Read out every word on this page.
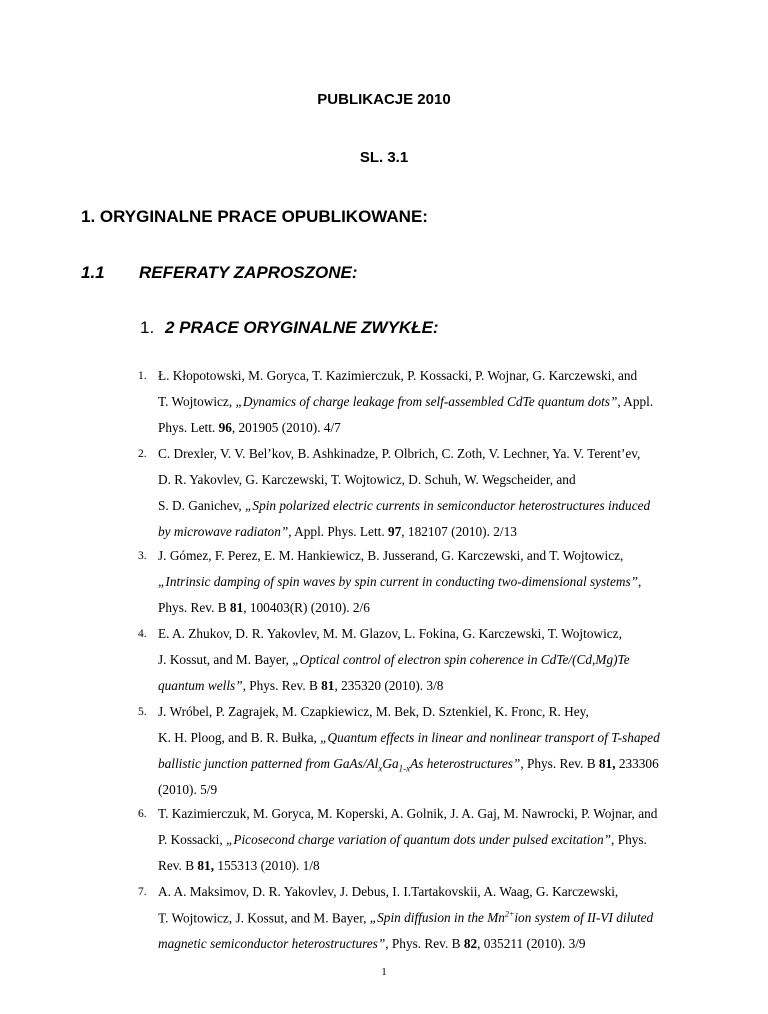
PUBLIKACJE 2010
SL. 3.1
1. ORYGINALNE PRACE OPUBLIKOWANE:
1.1 REFERATY ZAPROSZONE:
1. 2 PRACE ORYGINALNE ZWYKŁE:
1. Ł. Kłopotowski, M. Goryca, T. Kazimierczuk, P. Kossacki, P. Wojnar, G. Karczewski, and
T. Wojtowicz, „Dynamics of charge leakage from self-assembled CdTe quantum dots”, Appl.
Phys. Lett. 96, 201905 (2010). 4/7
2. C. Drexler, V. V. Bel’kov, B. Ashkinadze, P. Olbrich, C. Zoth, V. Lechner, Ya. V. Terent’ev,
D. R. Yakovlev, G. Karczewski, T. Wojtowicz, D. Schuh, W. Wegscheider, and
S. D. Ganichev, „Spin polarized electric currents in semiconductor heterostructures induced
by microwave radiaton”, Appl. Phys. Lett. 97, 182107 (2010). 2/13
3. J. Gómez, F. Perez, E. M. Hankiewicz, B. Jusserand, G. Karczewski, and T. Wojtowicz,
„Intrinsic damping of spin waves by spin current in conducting two-dimensional systems”,
Phys. Rev. B 81, 100403(R) (2010). 2/6
4. E. A. Zhukov, D. R. Yakovlev, M. M. Glazov, L. Fokina, G. Karczewski, T. Wojtowicz,
J. Kossut, and M. Bayer, „Optical control of electron spin coherence in CdTe/(Cd,Mg)Te
quantum wells”, Phys. Rev. B 81, 235320 (2010). 3/8
5. J. Wróbel, P. Zagrajek, M. Czapkiewicz, M. Bek, D. Sztenkiel, K. Fronc, R. Hey,
K. H. Ploog, and B. R. Bułka, „Quantum effects in linear and nonlinear transport of T-shaped
ballistic junction patterned from GaAs/$Al_xGa_{1-x}As$ heterostructures”, Phys. Rev. B 81, 233306
(2010). 5/9
6. T. Kazimierczuk, M. Goryca, M. Koperski, A. Golnik, J. A. Gaj, M. Nawrocki, P. Wojnar, and
P. Kossacki, „Picosecond charge variation of quantum dots under pulsed excitation”, Phys.
Rev. B 81, 155313 (2010). 1/8
7. A. A. Maksimov, D. R. Yakovlev, J. Debus, I. I.Tartakovskii, A. Waag, G. Karczewski,
T. Wojtowicz, J. Kossut, and M. Bayer, „Spin diffusion in the $Mn^{2+}ion$ system of II-VI diluted
magnetic semiconductor heterostructures”, Phys. Rev. B 82, 035211 (2010). 3/9
1
